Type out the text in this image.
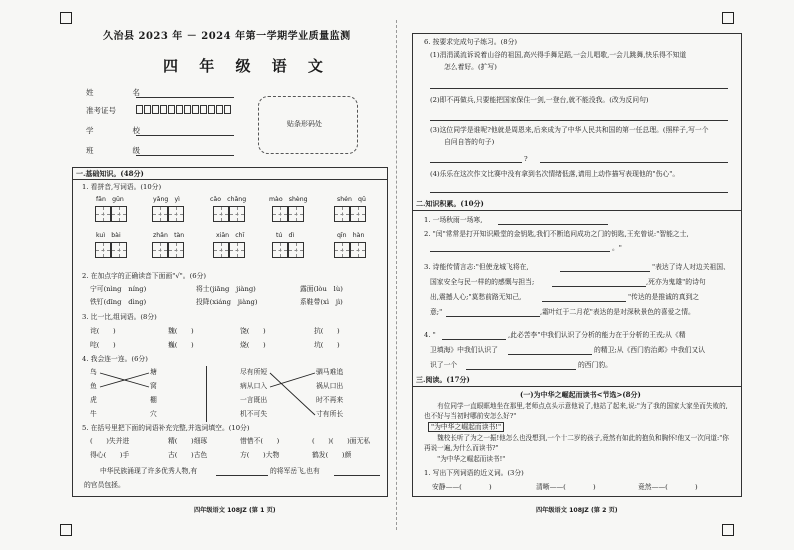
久治县 2023 年 － 2024 年第一学期学业质量监测
四 年 级 语 文
姓　　名
准考证号
学　　校
班　　级
贴条形码处
一.基础知识。(48分)
1. 看拼音,写词语。(10分)
fān　gūn	yǎng　yì	cǎo　chǎng	mào　shèng	shén　qū
kuì　bài	zhǎn　tàn	xiān　chī	tú　dì	qīn　hàn
2. 在加点字的正确读音下面画"√"。(6分)
宁可(nìng　níng)	将士(jiāng　jiàng)	露面(lòu　lù)
铁钉(dīng　dìng)	投降(xiáng　jiàng)	系鞋带(xì　jì)
3. 比一比,组词语。(8分)
诧(　　)	魏(　　)	饶(　　)	抗(　　)
咤(　　)	巍(　　)	烧(　　)	坑(　　)
4. 我会连一连。(6分)
鸟
鱼
虎
牛
塘
窝
棚
穴
尽有所短
病从口入
一言既出
机不可失
驷马难追
祸从口出
时不再来
寸有所长
5. 在括号里把下面的词语补充完整,并选词填空。(10分)
(　　)失并进	精(　　)细琢	惜惜不(　　)	(　　)(　　)面无私
得心(　　)手	古(　　)古色	方(　　)大物	鹤发(　　)颜
中华民族涌现了许多优秀人物,有	的将军岳飞,也有
的官员包拯。
四年级语文 108JZ (第 1 页)
6. 按要求完成句子练习。(8分)
(1)涓涓溪流诉说着山谷的祖国,高兴得手舞足蹈,一会儿唱歌,一会儿跳舞,快乐得不知道
怎么着好。(扩写)
(2)即不再做兵,只要能把国家保住一剑,一登台,就不能没我。(改为反问句)
(3)这位同学是谁呢?他就是周恩来,后来成为了中华人民共和国的第一任总理。(照样子,写一个
自问自答的句子)
?
(4)乐乐在这次作文比赛中没有拿到名次情绪低落,请用上动作描写表现他的"伤心"。
二.知识积累。(10分)
1. 一场秋雨一场寒,
2. "闰"常常是打开知识殿堂的金钥匙,我们不断追问成功之门的钥匙,王充曾说:"智能之士,
。"
3. 诗能传情言志:"但使龙城飞将在,	"表达了诗人对边关祖国、
国家安全与民一样的的感慨与担当;	,死亦为鬼雄"的诗句
出,震撼人心;"莫愁前路无知己,	"传达的是推诚的真到之
意;"	,霜叶红于二月花"表达的是对深秋景色的喜爱之情。
4. "	,此必苦李"中我们认识了分析的能力在于分析的王戎;从《精
卫填海》中我们认识了	的精卫;从《西门豹治邺》中我们又认
识了一个	的西门豹。
三.阅读。(17分)
(一)为中华之崛起而读书<节选>(8分)
　　有位同学一直眼眶地坐在那里,老师点点头示意他说了,他站了起来,说:"为了我的国家大家坐而失败的,也不好与当初时哪前安怎么好?"
"为中华之崛起而读书!"
　　魏校长听了为之一振!他怎么也没想到,一个十二岁的孩子,竟然有如此的抱负和胸怀!他又一次问道:"你再说一遍,为什么而读书?"
　　"为中华之崛起而读书!"
1. 写出下列词语的近义词。(3分)
安静——(　　　　)	清晰——(　　　　)	竟然——(　　　　)
四年级语文 108JZ (第 2 页)
